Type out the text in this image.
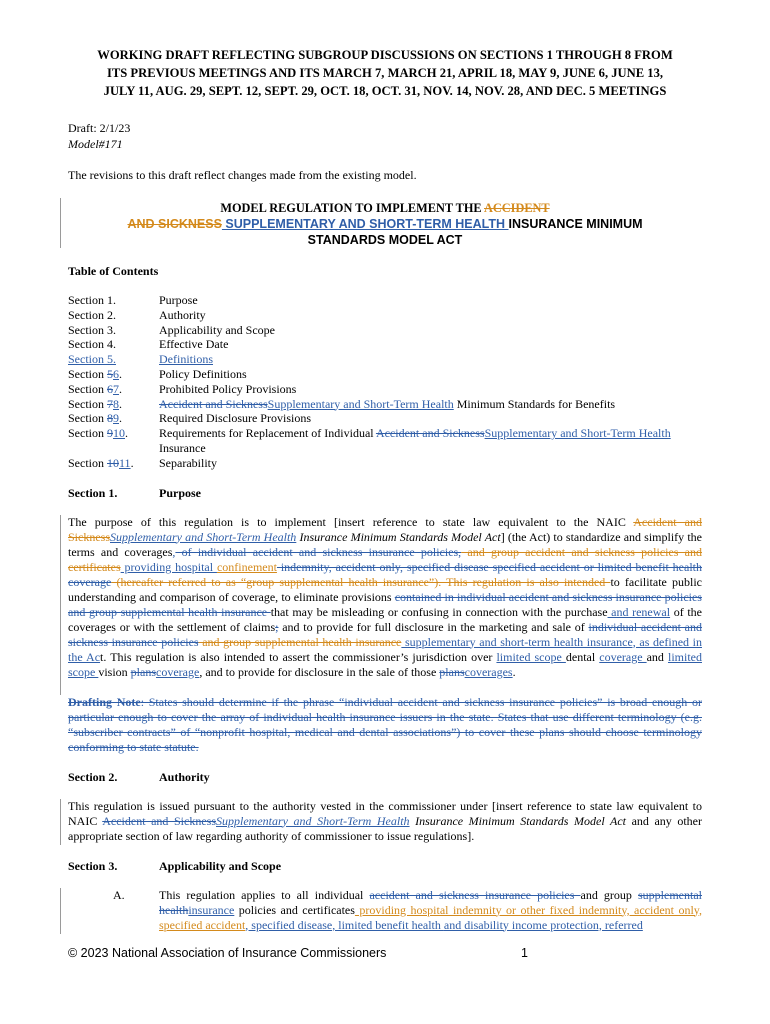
WORKING DRAFT REFLECTING SUBGROUP DISCUSSIONS ON SECTIONS 1 THROUGH 8 FROM

ITS PREVIOUS MEETINGS AND ITS MARCH 7, MARCH 21, APRIL 18, MAY 9, JUNE 6, JUNE 13,

JULY 11, AUG. 29, SEPT. 12, SEPT. 29, OCT. 18, OCT. 31, NOV. 14, NOV. 28, AND DEC. 5 MEETINGS

Draft: 2/1/23
Model#171
The revisions to this draft reflect changes made from the existing model.
MODEL REGULATION TO IMPLEMENT THE ACCIDENT
AND SICKNESS SUPPLEMENTARY AND SHORT-TERM HEALTH INSURANCE MINIMUM
STANDARDS MODEL ACT
Table of Contents
Section 1.	Purpose
Section 2.	Authority
Section 3.	Applicability and Scope
Section 4.	Effective Date
Section 5.	Definitions
Section 56.	Policy Definitions
Section 67.	Prohibited Policy Provisions
Section 78.	Accident and SicknessSupplementary and Short-Term Health Minimum Standards for Benefits
Section 89.	Required Disclosure Provisions
Section 910.	Requirements for Replacement of Individual Accident and SicknessSupplementary and Short-Term Health
Insurance
Section 1011.	Separability
Section 1.	Purpose

The purpose of this regulation is to implement [insert reference to state law equivalent to the NAIC Accident and SicknessSupplementary and Short-Term Health Insurance Minimum Standards Model Act] (the Act) to standardize and simplify the terms and coverages, of individual accident and sickness insurance policies, and group accident and sickness policies and certificates providing hospital confinement indemnity, accident only, specified disease specified accident or limited benefit health coverage (hereafter referred to as “group supplemental health insurance”). This regulation is also intended to facilitate public understanding and comparison of coverage, to eliminate provisions contained in individual accident and sickness insurance policies and group supplemental health insurance that may be misleading or confusing in connection with the purchase and renewal of the coverages or with the settlement of claims; and to provide for full disclosure in the marketing and sale of individual accident and sickness insurance policies and group supplemental health insurance supplementary and short-term health insurance, as defined in the Act. This regulation is also intended to assert the commissioner’s jurisdiction over limited scope dental coverage and limited scope vision planscoverage, and to provide for disclosure in the sale of those planscoverages.

Drafting Note: States should determine if the phrase “individual accident and sickness insurance policies” is broad enough or particular enough to cover the array of individual health insurance issuers in the state. States that use different terminology (e.g. “subscriber contracts” of “nonprofit hospital, medical and dental associations”) to cover these plans should choose terminology conforming to state statute.

Section 2.	Authority

This regulation is issued pursuant to the authority vested in the commissioner under [insert reference to state law equivalent to NAIC Accident and SicknessSupplementary and Short-Term Health Insurance Minimum Standards Model Act and any other appropriate section of law regarding authority of commissioner to issue regulations].

Section 3.	Applicability and Scope
A.	This regulation applies to all individual accident and sickness insurance policies and group supplemental healthinsurance policies and certificates providing hospital indemnity or other fixed indemnity, accident only, specified accident, specified disease, limited benefit health and disability income protection, referred

© 2023 National Association of Insurance Commissioners	1
